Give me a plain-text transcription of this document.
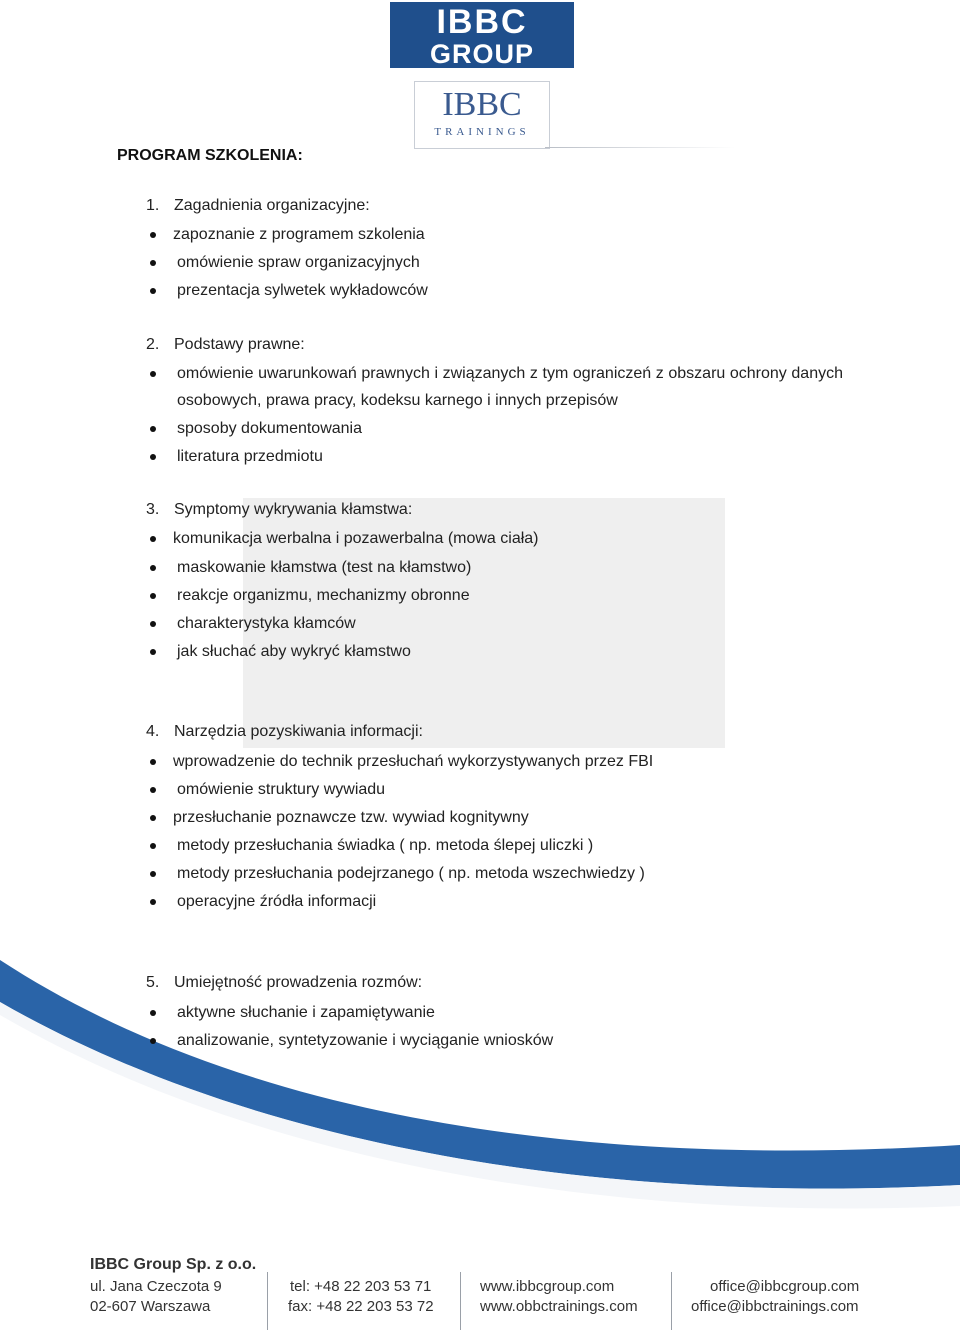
IBBC
GROUP
IBBC
TRAININGS
PROGRAM SZKOLENIA:
1. Zagadnienia organizacyjne:
zapoznanie z programem szkolenia
omówienie spraw organizacyjnych
prezentacja sylwetek wykładowców
2. Podstawy prawne:
omówienie uwarunkowań prawnych i związanych z tym ograniczeń z obszaru ochrony danych osobowych, prawa pracy, kodeksu karnego i innych przepisów
sposoby dokumentowania
literatura przedmiotu
3. Symptomy wykrywania kłamstwa:
komunikacja werbalna i pozawerbalna (mowa ciała)
maskowanie kłamstwa (test na kłamstwo)
reakcje organizmu, mechanizmy obronne
charakterystyka kłamców
jak słuchać aby wykryć kłamstwo
4. Narzędzia pozyskiwania informacji:
wprowadzenie do technik przesłuchań wykorzystywanych przez FBI
omówienie struktury wywiadu
przesłuchanie poznawcze tzw. wywiad kognitywny
metody przesłuchania świadka ( np. metoda ślepej uliczki )
metody przesłuchania podejrzanego ( np. metoda wszechwiedzy )
operacyjne źródła informacji
5. Umiejętność prowadzenia rozmów:
aktywne słuchanie i zapamiętywanie
analizowanie, syntetyzowanie i wyciąganie wniosków
IBBC Group Sp. z o.o.
ul. Jana Czeczota 9
02-607 Warszawa
tel: +48 22 203 53 71
fax: +48 22 203 53 72
www.ibbcgroup.com
www.obbctrainings.com
office@ibbcgroup.com
office@ibbctrainings.com
